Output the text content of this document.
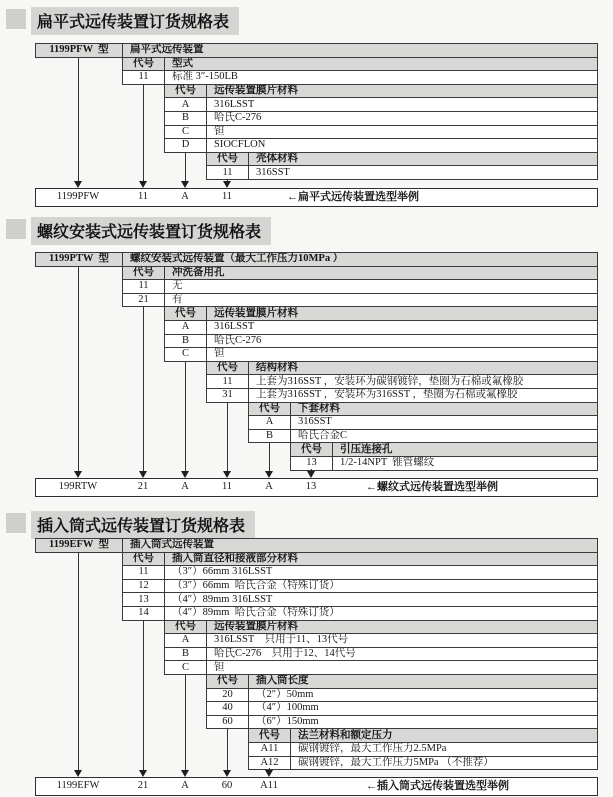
扁平式远传装置订货规格表
1199PFW  型	扁平式远传装置
代号	型式
11	标准 3″-150LB
代号	远传装置膜片材料
A	316LSST
B	哈氏C-276
C	钽
D	SIOCFLON
代号	壳体材料
11	316SST
1199PFW	11	A	11	←扁平式远传装置选型举例
螺纹安装式远传装置订货规格表
1199PTW  型	螺纹安装式远传装置（最大工作压力10MPa ）
代号	冲洗备用孔
11	无
21	有
代号	远传装置膜片材料
A	316LSST
B	哈氏C-276
C	钽
代号	结构材料
11	上套为316SST ，安装环为碳钢镀锌，垫圈为石棉或氟橡胶
31	上套为316SST ，安装环为316SST ，垫圈为石棉或氟橡胶
代号	下套材料
A	316SST
B	哈氏合金C
代号	引压连接孔
13	1/2-14NPT  锥管螺纹
199RTW	21	A	11	A	13	←螺纹式远传装置选型举例
插入筒式远传装置订货规格表
1199EFW  型	插入筒式远传装置
代号	插入筒直径和接液部分材料
11	（3″）66mm 316LSST
12	（3″）66mm  哈氏合金（特殊订货）
13	（4″）89mm 316LSST
14	（4″）89mm  哈氏合金（特殊订货）
代号	远传装置膜片材料
A	316LSST    只用于11、13代号
B	哈氏C-276    只用于12、14代号
C	钽
代号	插入筒长度
20	（2″）50mm
40	（4″）100mm
60	（6″）150mm
代号	法兰材料和额定压力
A11	碳钢镀锌，最大工作压力2.5MPa
A12	碳钢镀锌，最大工作压力5MPa （不推荐）
1199EFW	21	A	60	A11	←插入筒式远传装置选型举例
